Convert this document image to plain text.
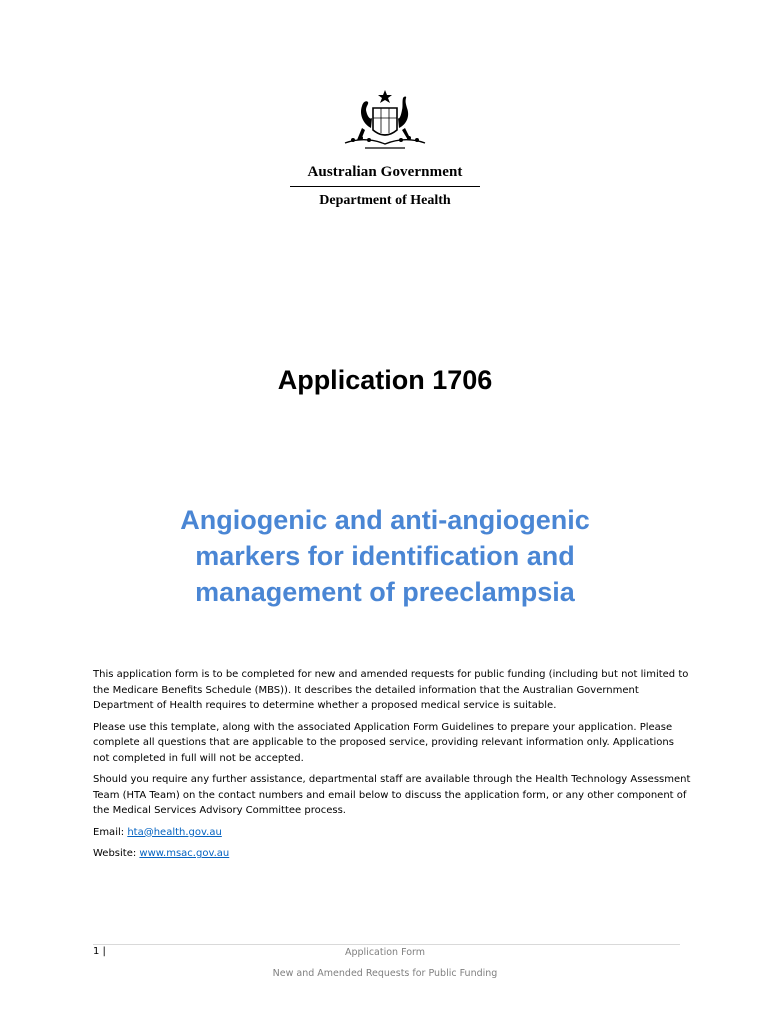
Australian Government
Department of Health
Application 1706
Angiogenic and anti-angiogenic
markers for identification and
management of preeclampsia

This application form is to be completed for new and amended requests for public funding (including but not limited to the Medicare Benefits Schedule (MBS)). It describes the detailed information that the Australian Government Department of Health requires to determine whether a proposed medical service is suitable.

Please use this template, along with the associated Application Form Guidelines to prepare your application. Please complete all questions that are applicable to the proposed service, providing relevant information only. Applications not completed in full will not be accepted.

Should you require any further assistance, departmental staff are available through the Health Technology Assessment Team (HTA Team) on the contact numbers and email below to discuss the application form, or any other component of the Medical Services Advisory Committee process.

Email: hta@health.gov.au

Website: www.msac.gov.au

1 |	Application Form
New and Amended Requests for Public Funding
